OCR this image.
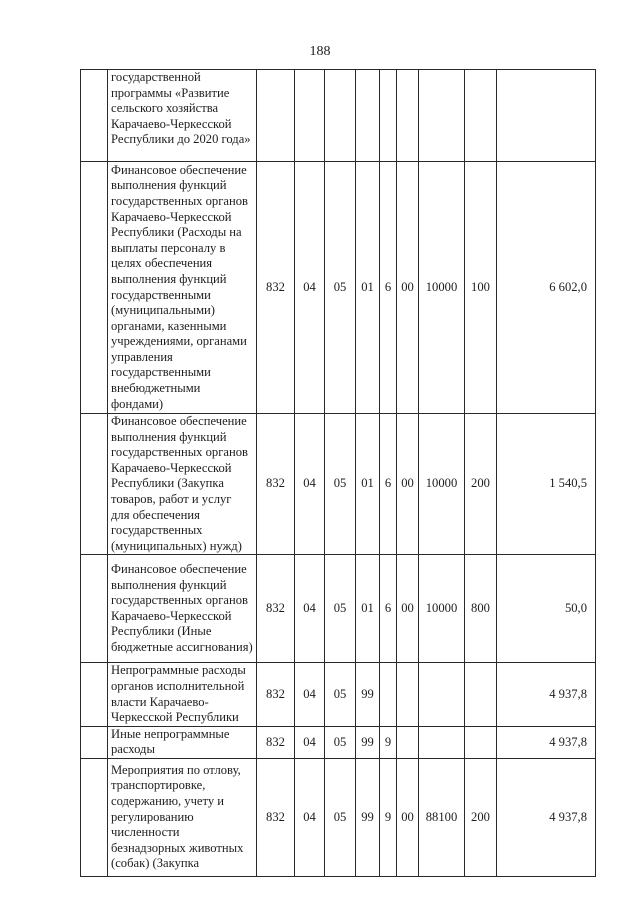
188
	государственной программы «Развитие сельского хозяйства Карачаево-Черкесской Республики до 2020 года»									
	Финансовое обеспечение выполнения функций государственных органов Карачаево-Черкесской Республики (Расходы на выплаты персоналу в целях обеспечения выполнения функций государственными (муниципальными) органами, казенными учреждениями, органами управления государственными внебюджетными фондами)	832	04	05	01	6	00	10000	100	6 602,0
	Финансовое обеспечение выполнения функций государственных органов Карачаево-Черкесской Республики (Закупка товаров, работ и услуг для обеспечения государственных (муниципальных) нужд)	832	04	05	01	6	00	10000	200	1 540,5
	Финансовое обеспечение выполнения функций государственных органов Карачаево-Черкесской Республики (Иные бюджетные ассигнования)	832	04	05	01	6	00	10000	800	50,0
	Непрограммные расходы органов исполнительной власти Карачаево-Черкесской Республики	832	04	05	99					4 937,8
	Иные непрограммные расходы	832	04	05	99	9				4 937,8
	Мероприятия по отлову, транспортировке, содержанию, учету и регулированию численности безнадзорных животных (собак) (Закупка	832	04	05	99	9	00	88100	200	4 937,8
